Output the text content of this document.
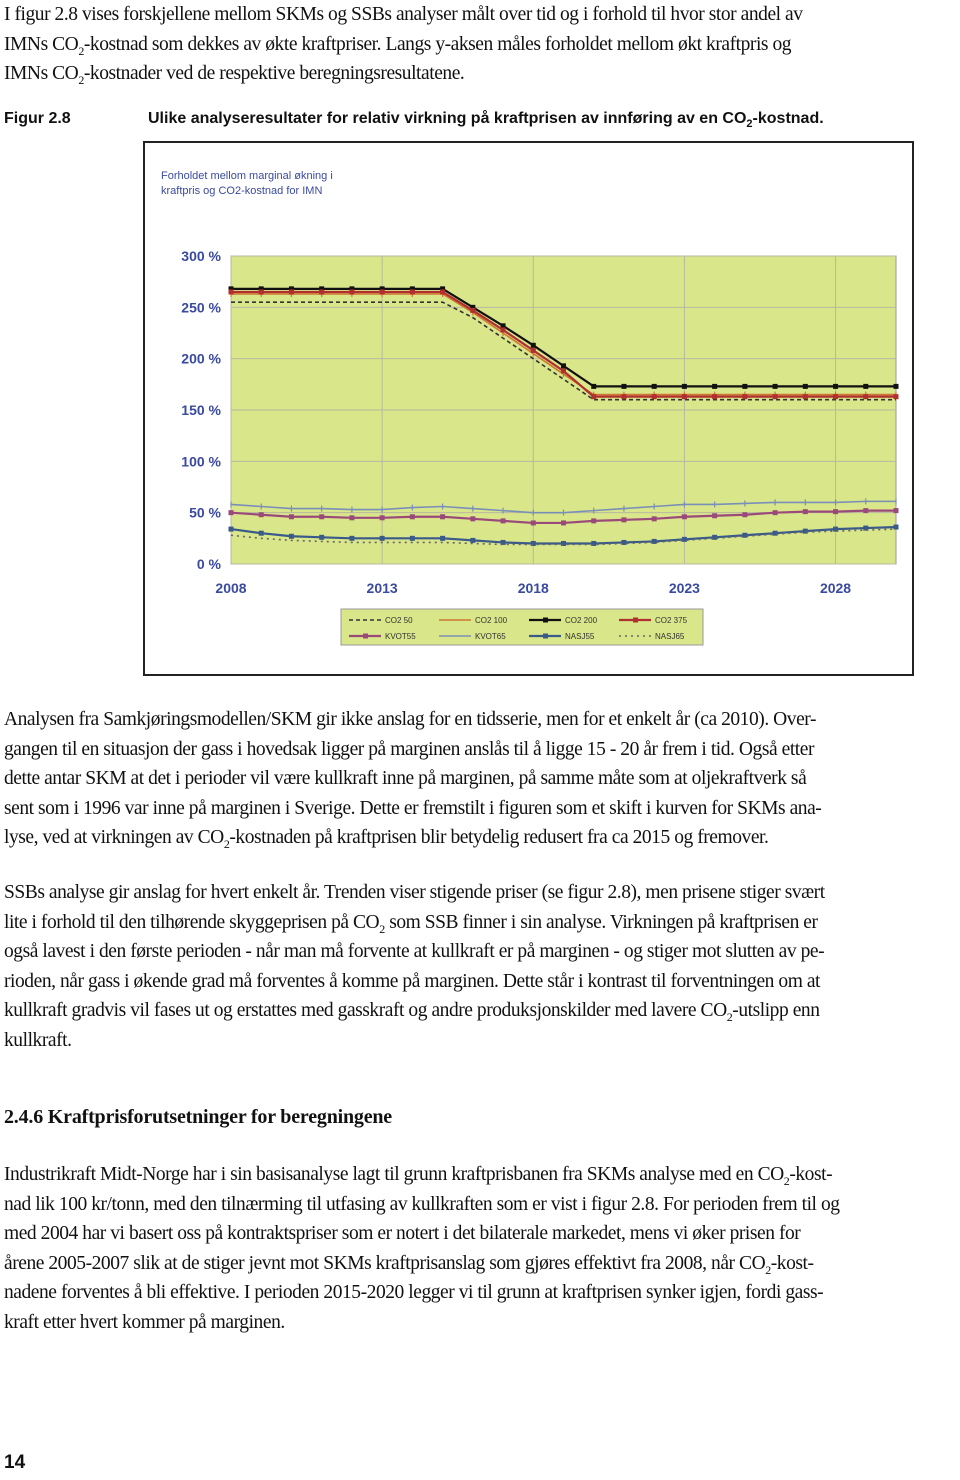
I figur 2.8 vises forskjellene mellom SKMs og SSBs analyser målt over tid og i forhold til hvor stor andel av
IMNs $CO_2$-kostnad som dekkes av økte kraftpriser. Langs y-aksen måles forholdet mellom økt kraftpris og
IMNs $CO_2$-kostnader ved de respektive beregningsresultatene.

Figur 2.8	Ulike analyseresultater for relativ virkning på kraftprisen av innføring av en $CO_2$-kostnad.
Forholdet mellom marginal økning i
kraftpris og CO2-kostnad for IMN
300 %
250 %
200 %
150 %
100 %
50 %
0 %
2008	2013	2018	2023	2028
CO2 50	CO2 100	CO2 200	CO2 375
KVOT55	KVOT65	NASJ55	NASJ65

Analysen fra Samkjøringsmodellen/SKM gir ikke anslag for en tidsserie, men for et enkelt år (ca 2010). Over-
gangen til en situasjon der gass i hovedsak ligger på marginen anslås til å ligge 15 - 20 år frem i tid. Også etter
dette antar SKM at det i perioder vil være kullkraft inne på marginen, på samme måte som at oljekraftverk så
sent som i 1996 var inne på marginen i Sverige. Dette er fremstilt i figuren som et skift i kurven for SKMs ana-
lyse, ved at virkningen av $CO_2$-kostnaden på kraftprisen blir betydelig redusert fra ca 2015 og fremover.

SSBs analyse gir anslag for hvert enkelt år. Trenden viser stigende priser (se figur 2.8), men prisene stiger svært
lite i forhold til den tilhørende skyggeprisen på $CO_2$ som SSB finner i sin analyse. Virkningen på kraftprisen er
også lavest i den første perioden - når man må forvente at kullkraft er på marginen - og stiger mot slutten av pe-
rioden, når gass i økende grad må forventes å komme på marginen. Dette står i kontrast til forventningen om at
kullkraft gradvis vil fases ut og erstattes med gasskraft og andre produksjonskilder med lavere $CO_2$-utslipp enn
kullkraft.

2.4.6 Kraftprisforutsetninger for beregningene

Industrikraft Midt-Norge har i sin basisanalyse lagt til grunn kraftprisbanen fra SKMs analyse med en $CO_2-kost-$
nad lik 100 kr/tonn, med den tilnærming til utfasing av kullkraften som er vist i figur 2.8. For perioden frem til og
med 2004 har vi basert oss på kontraktspriser som er notert i det bilaterale markedet, mens vi øker prisen for
årene 2005-2007 slik at de stiger jevnt mot SKMs kraftprisanslag som gjøres effektivt fra 2008, når $CO_2-kost-$
nadene forventes å bli effektive. I perioden 2015-2020 legger vi til grunn at kraftprisen synker igjen, fordi gass-
kraft etter hvert kommer på marginen.

14
